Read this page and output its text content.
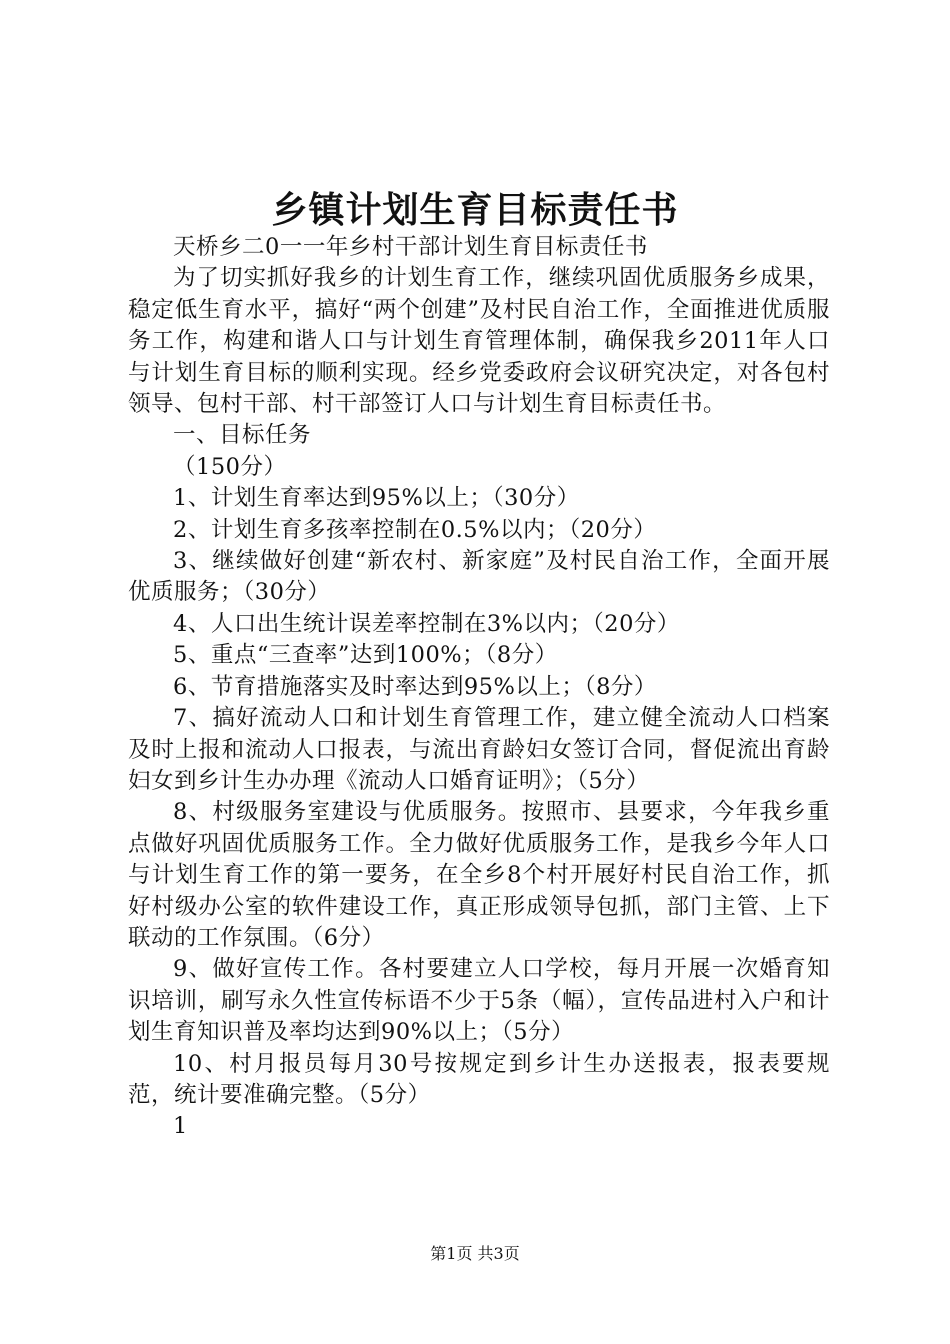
乡镇计划生育目标责任书

天桥乡二0一一年乡村干部计划生育目标责任书

为了切实抓好我乡的计划生育工作，继续巩固优质服务乡成果，稳定低生育水平，搞好“两个创建”及村民自治工作，全面推进优质服务工作，构建和谐人口与计划生育管理体制，确保我乡2011年人口与计划生育目标的顺利实现。经乡党委政府会议研究决定，对各包村领导、包村干部、村干部签订人口与计划生育目标责任书。

一、目标任务

（150分）

1、计划生育率达到95%以上；（30分）

2、计划生育多孩率控制在0.5%以内；（20分）

3、继续做好创建“新农村、新家庭”及村民自治工作，全面开展优质服务；（30分）

4、人口出生统计误差率控制在3%以内；（20分）

5、重点“三查率”达到100%；（8分）

6、节育措施落实及时率达到95%以上；（8分）

7、搞好流动人口和计划生育管理工作，建立健全流动人口档案及时上报和流动人口报表，与流出育龄妇女签订合同，督促流出育龄妇女到乡计生办办理《流动人口婚育证明》；（5分）

8、村级服务室建设与优质服务。按照市、县要求，今年我乡重点做好巩固优质服务工作。全力做好优质服务工作，是我乡今年人口与计划生育工作的第一要务，在全乡8个村开展好村民自治工作，抓好村级办公室的软件建设工作，真正形成领导包抓，部门主管、上下联动的工作氛围。（6分）

9、做好宣传工作。各村要建立人口学校，每月开展一次婚育知识培训，刷写永久性宣传标语不少于5条（幅），宣传品进村入户和计划生育知识普及率均达到90%以上；（5分）

10、村月报员每月30号按规定到乡计生办送报表，报表要规范，统计要准确完整。（5分）

1

第1页 共3页
